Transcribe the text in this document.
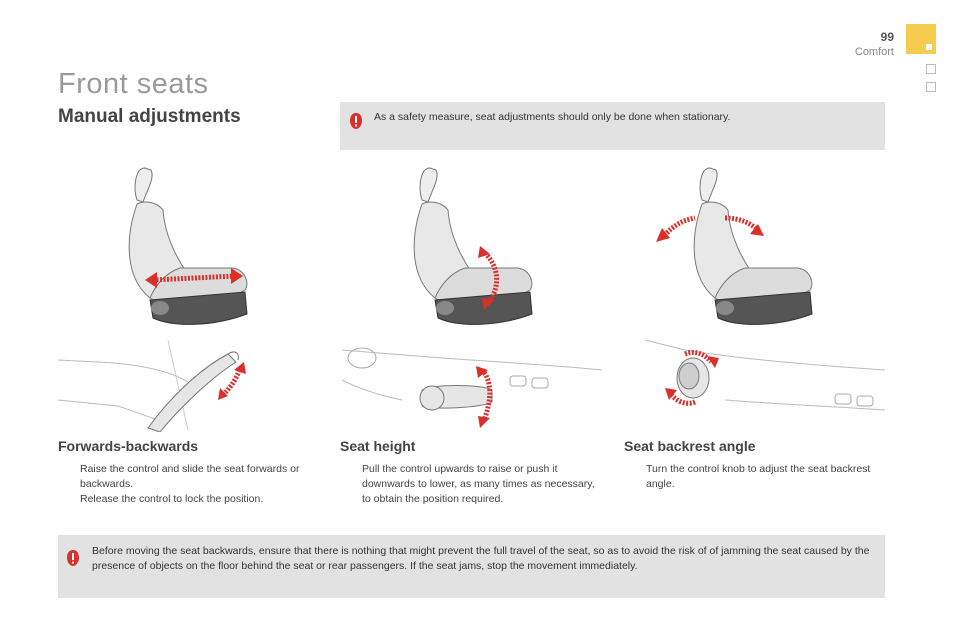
99
Comfort
Front seats
Manual adjustments	As a safety measure, seat adjustments should only be done when stationary.
Forwards-backwards
Raise the control and slide the seat forwards or backwards.
Release the control to lock the position.
Seat height
Pull the control upwards to raise or push it downwards to lower, as many times as necessary, to obtain the position required.
Seat backrest angle
Turn the control knob to adjust the seat backrest angle.
Before moving the seat backwards, ensure that there is nothing that might prevent the full travel of the seat, so as to avoid the risk of of jamming the seat caused by the presence of objects on the floor behind the seat or rear passengers. If the seat jams, stop the movement immediately.
